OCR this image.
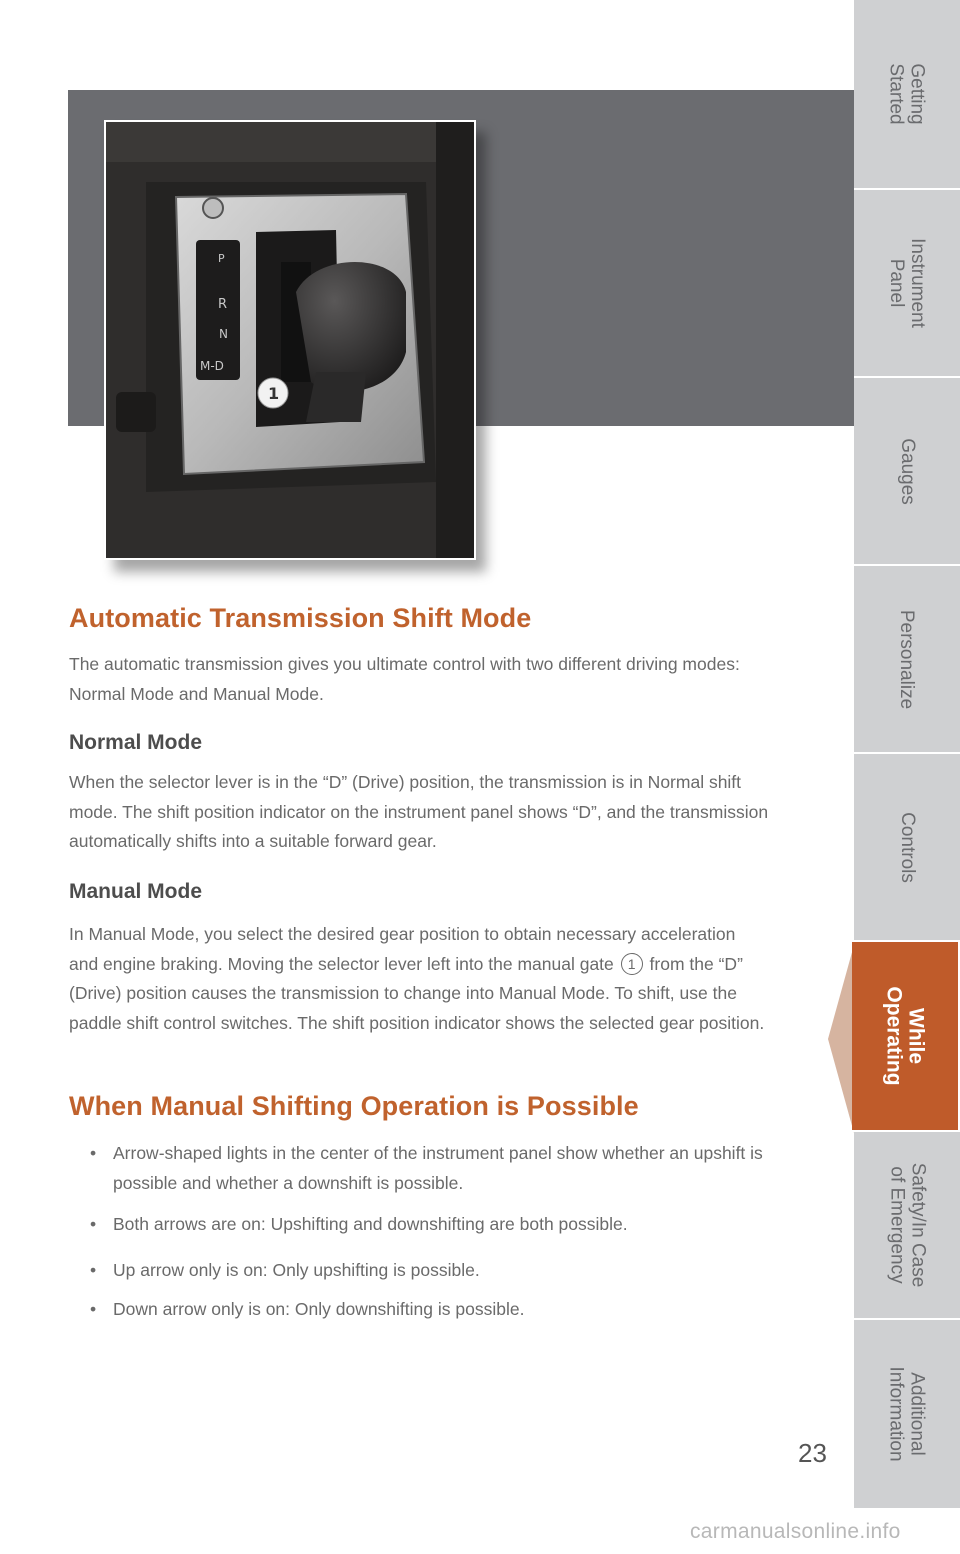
P
R
N
M-D
1
Getting
Started
Instrument
Panel
Gauges
Personalize
Controls
While
Operating
Safety/In Case
of Emergency
Additional
Information
Automatic Transmission Shift Mode

The automatic transmission gives you ultimate control with two different driving modes: Normal Mode and Manual Mode.

Normal Mode

When the selector lever is in the “D” (Drive) position, the transmission is in Normal shift mode. The shift position indicator on the instrument panel shows “D”, and the transmission automatically shifts into a suitable forward gear.

Manual Mode

In Manual Mode, you select the desired gear position to obtain necessary acceleration and engine braking. Moving the selector lever left into the manual gate 1 from the “D” (Drive) position causes the transmission to change into Manual Mode. To shift, use the paddle shift control switches. The shift position indicator shows the selected gear position.

When Manual Shifting Operation is Possible
• Arrow-shaped lights in the center of the instrument panel show whether an upshift is possible and whether a downshift is possible.
• Both arrows are on: Upshifting and downshifting are both possible.
• Up arrow only is on: Only upshifting is possible.
• Down arrow only is on: Only downshifting is possible.
23
carmanualsonline.info
